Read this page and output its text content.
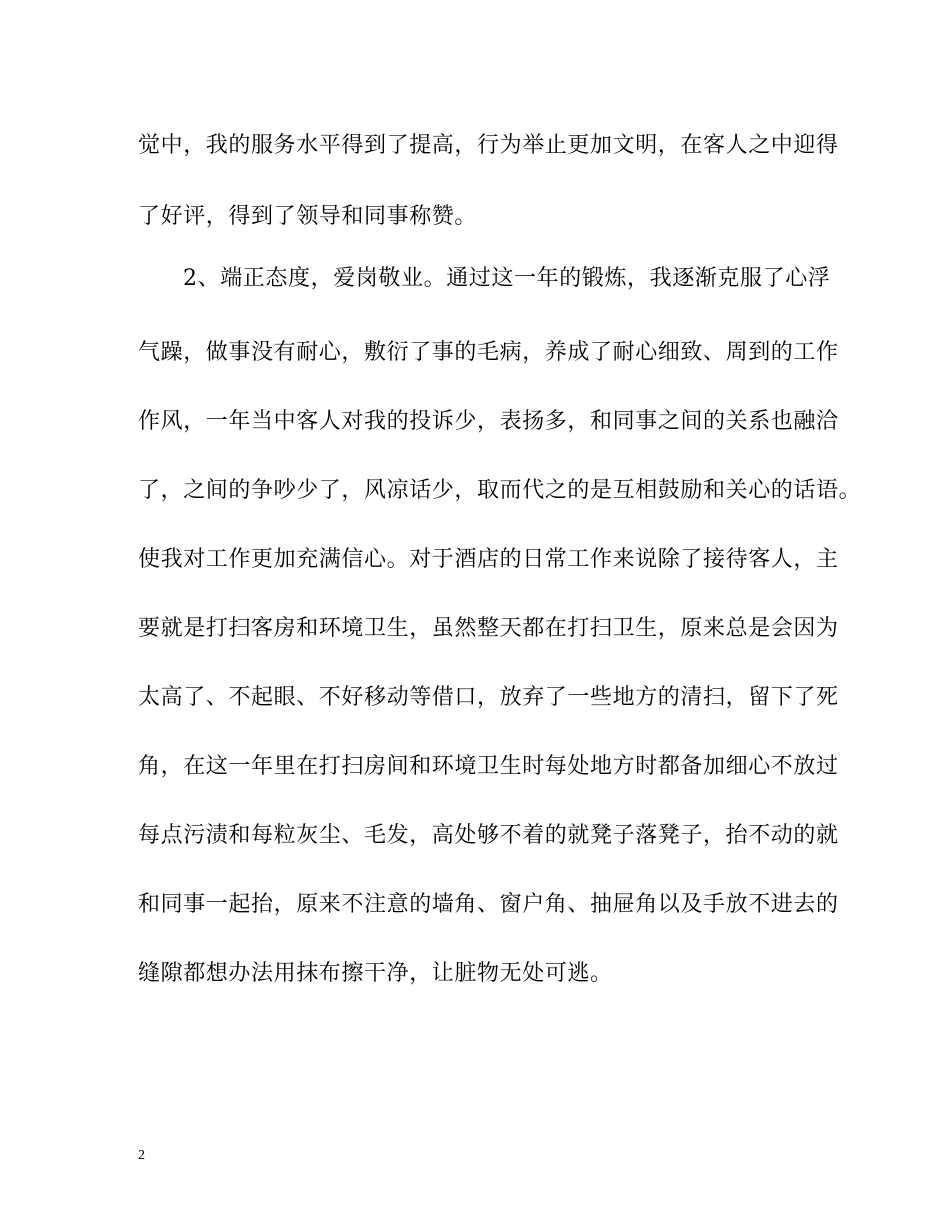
觉中，我的服务水平得到了提高，行为举止更加文明，在客人之中迎得
了好评，得到了领导和同事称赞。
2、端正态度，爱岗敬业。通过这一年的锻炼，我逐渐克服了心浮
气躁，做事没有耐心，敷衍了事的毛病，养成了耐心细致、周到的工作
作风，一年当中客人对我的投诉少，表扬多，和同事之间的关系也融洽
了，之间的争吵少了，风凉话少，取而代之的是互相鼓励和关心的话语。
使我对工作更加充满信心。对于酒店的日常工作来说除了接待客人，主
要就是打扫客房和环境卫生，虽然整天都在打扫卫生，原来总是会因为
太高了、不起眼、不好移动等借口，放弃了一些地方的清扫，留下了死
角，在这一年里在打扫房间和环境卫生时每处地方时都备加细心不放过
每点污渍和每粒灰尘、毛发，高处够不着的就凳子落凳子，抬不动的就
和同事一起抬，原来不注意的墙角、窗户角、抽屉角以及手放不进去的
缝隙都想办法用抹布擦干净，让脏物无处可逃。
2
